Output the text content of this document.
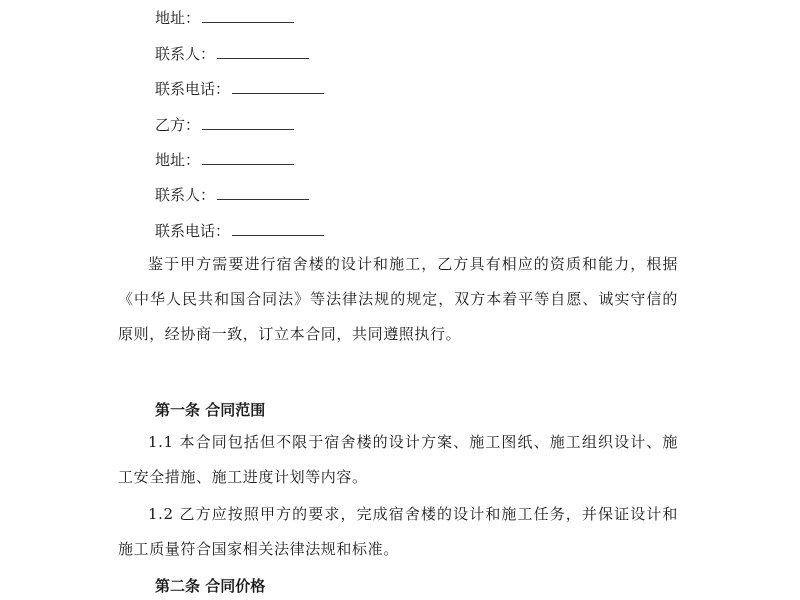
地址：
联系人：
联系电话：
乙方：
地址：
联系人：
联系电话：

鉴于甲方需要进行宿舍楼的设计和施工，乙方具有相应的资质和能力，根据《中华人民共和国合同法》等法律法规的规定，双方本着平等自愿、诚实守信的原则，经协商一致，订立本合同，共同遵照执行。

第一条 合同范围

1.1 本合同包括但不限于宿舍楼的设计方案、施工图纸、施工组织设计、施工安全措施、施工进度计划等内容。

1.2 乙方应按照甲方的要求，完成宿舍楼的设计和施工任务，并保证设计和施工质量符合国家相关法律法规和标准。

第二条 合同价格
